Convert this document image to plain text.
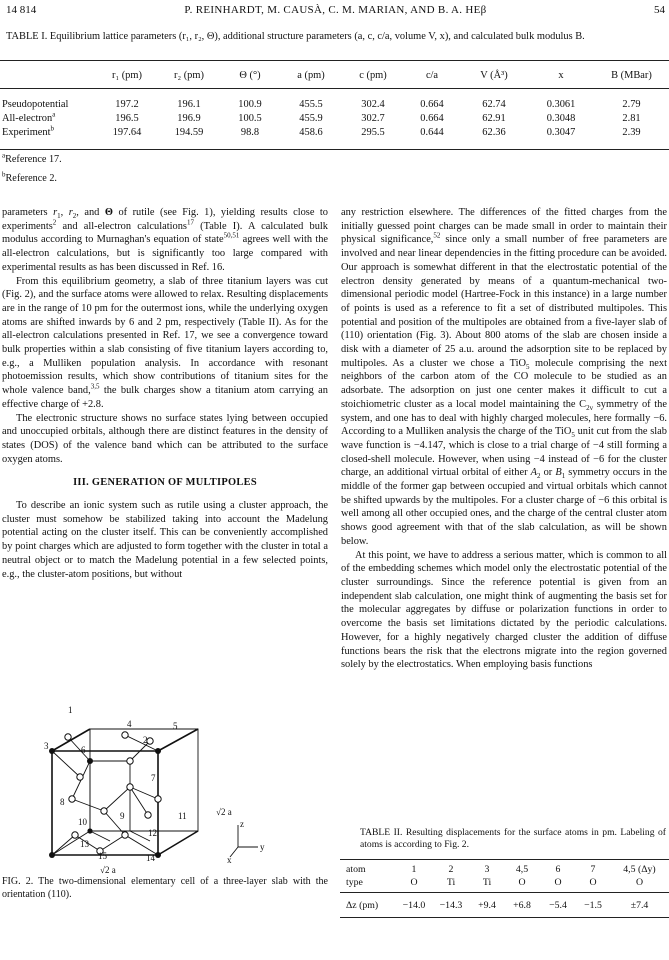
14 814	P. REINHARDT, M. CAUSÀ, C. M. MARIAN, AND B. A. HEβ	54
TABLE I. Equilibrium lattice parameters (r₁, r₂, Θ), additional structure parameters (a, c, c/a, volume V, x), and calculated bulk modulus B.
	r₁ (pm)	r₂ (pm)	Θ (°)	a (pm)	c (pm)	c/a	V (Å³)	x	B (MBar)

Pseudopotential	197.2	196.1	100.9	455.5	302.4	0.664	62.74	0.3061	2.79
All-electron$^a$	196.5	196.9	100.5	455.9	302.7	0.664	62.91	0.3048	2.81
Experiment$^b$	197.64	194.59	98.8	458.6	295.5	0.644	62.36	0.3047	2.39
$^a$Reference 17.
$^b$Reference 2.

parameters $r_1$, $r_2$, and Θ of rutile (see Fig. 1), yielding results close to experiments$^2$ and all-electron calculations$^{17}$ (Table I). A calculated bulk modulus according to Murnaghan's equation of state$^{50,51}$ agrees well with the all-electron calculations, but is significantly too large compared with experimental results as has been discussed in Ref. 16.

From this equilibrium geometry, a slab of three titanium layers was cut (Fig. 2), and the surface atoms were allowed to relax. Resulting displacements are in the range of 10 pm for the outermost ions, while the underlying oxygen atoms are shifted inwards by 6 and 2 pm, respectively (Table II). As for the all-electron calculations presented in Ref. 17, we see a convergence toward bulk properties within a slab consisting of five titanium layers according to, e.g., a Mulliken population analysis. In accordance with resonant photoemission results, which show contributions of titanium sites for the whole valence band,$^{3,5}$ the bulk charges show a titanium atom carrying an effective charge of +2.8.

The electronic structure shows no surface states lying between occupied and unoccupied orbitals, although there are distinct features in the density of states (DOS) of the valence band which can be attributed to the surface oxygen atoms.

III. GENERATION OF MULTIPOLES

To describe an ionic system such as rutile using a cluster approach, the cluster must somehow be stabilized taking into account the Madelung potential acting on the cluster itself. This can be conveniently accomplished by point charges which are adjusted to form together with the cluster in total a neutral object or to match the Madelung potential in a few selected points, e.g., the cluster-atom positions, but without

1
2
3
4	5
6
7
8
9
10
11
12
13
14
15
√2 a
√2 a
z
y
x
FIG. 2. The two-dimensional elementary cell of a three-layer slab with the orientation (110).

any restriction elsewhere. The differences of the fitted charges from the initially guessed point charges can be made small in order to maintain their physical significance,$^{52}$ since only a small number of free parameters are involved and near linear dependencies in the fitting procedure can be avoided. Our approach is somewhat different in that the electrostatic potential of the electron density generated by means of a quantum-mechanical two-dimensional periodic model (Hartree-Fock in this instance) in a large number of points is used as a reference to fit a set of distributed multipoles. This potential and position of the multipoles are obtained from a five-layer slab of (110) orientation (Fig. 3). About 800 atoms of the slab are chosen inside a disk with a diameter of 25 a.u. around the adsorption site to be replaced by multipoles. As a cluster we chose a TiO$_5$ molecule comprising the next neighbors of the carbon atom of the CO molecule to be studied as an adsorbate. The adsorption on just one center makes it difficult to cut a stoichiometric cluster as a local model maintaining the $C_{2v}$ symmetry of the system, and one has to deal with highly charged molecules, here formally −6. According to a Mulliken analysis the charge of the TiO$_5$ unit cut from the slab wave function is −4.147, which is close to a trial charge of −4 still forming a closed-shell molecule. However, when using −4 instead of −6 for the cluster charge, an additional virtual orbital of either $A_2$ or $B_1$ symmetry occurs in the middle of the former gap between occupied and virtual orbitals which cannot be shifted upwards by the multipoles. For a cluster charge of −6 this orbital is well among all other occupied ones, and the charge of the central cluster atom shows good agreement with that of the slab calculation, as will be shown below.

At this point, we have to address a serious matter, which is common to all of the embedding schemes which model only the electrostatic potential of the cluster surroundings. Since the reference potential is given from an independent slab calculation, one might think of augmenting the basis set for the molecular aggregates by diffuse or polarization functions in order to overcome the basis set limitations dictated by the periodic calculations. However, for a highly negatively charged cluster the addition of diffuse functions bears the risk that the electrons migrate into the region governed solely by the electrostatics. When employing basis functions

TABLE II. Resulting displacements for the surface atoms in pm. Labeling of atoms is according to Fig. 2.
atom	1	2	3	4,5	6	7	4,5 (Δy)
type	O	Ti	Ti	O	O	O	O

Δz (pm)	−14.0	−14.3	+9.4	+6.8	−5.4	−1.5	±7.4
